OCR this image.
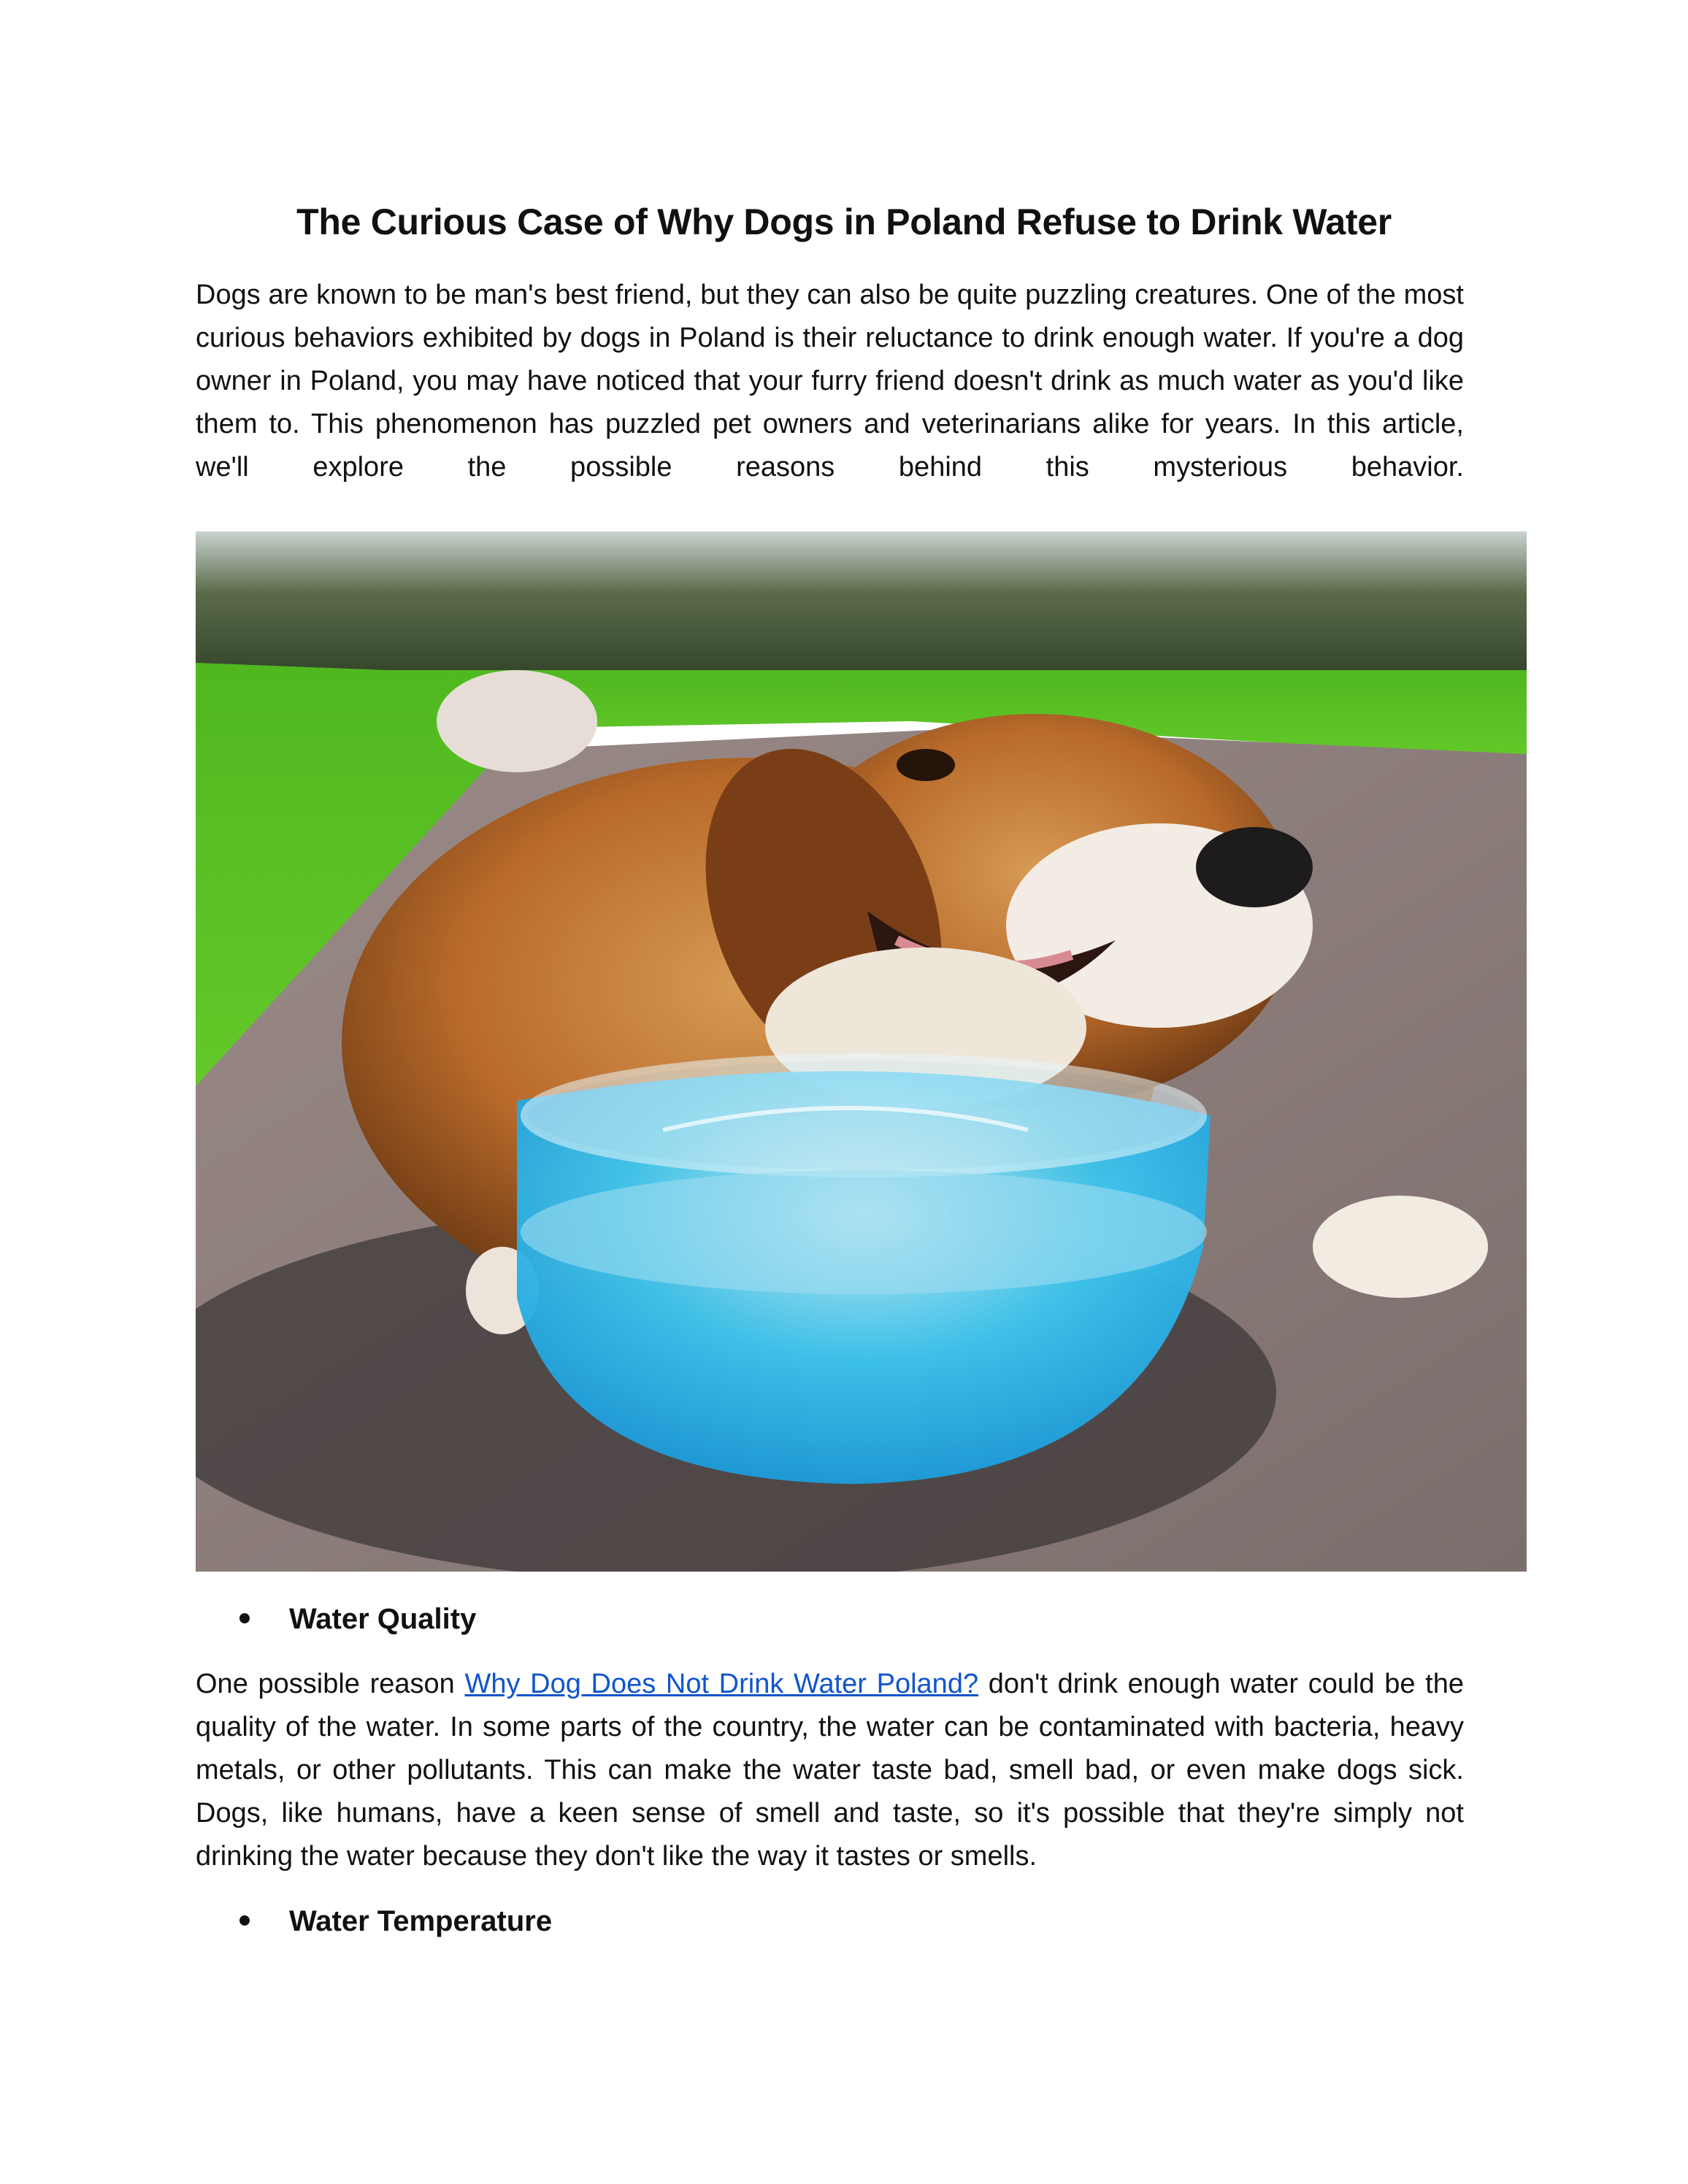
The Curious Case of Why Dogs in Poland Refuse to Drink Water

Dogs are known to be man's best friend, but they can also be quite puzzling creatures. One of the most curious behaviors exhibited by dogs in Poland is their reluctance to drink enough water. If you're a dog owner in Poland, you may have noticed that your furry friend doesn't drink as much water as you'd like them to. This phenomenon has puzzled pet owners and veterinarians alike for years. In this article, we'll explore the possible reasons behind this mysterious behavior.

Water Quality

One possible reason Why Dog Does Not Drink Water Poland? don't drink enough water could be the quality of the water. In some parts of the country, the water can be contaminated with bacteria, heavy metals, or other pollutants. This can make the water taste bad, smell bad, or even make dogs sick. Dogs, like humans, have a keen sense of smell and taste, so it's possible that they're simply not drinking the water because they don't like the way it tastes or smells.

Water Temperature
